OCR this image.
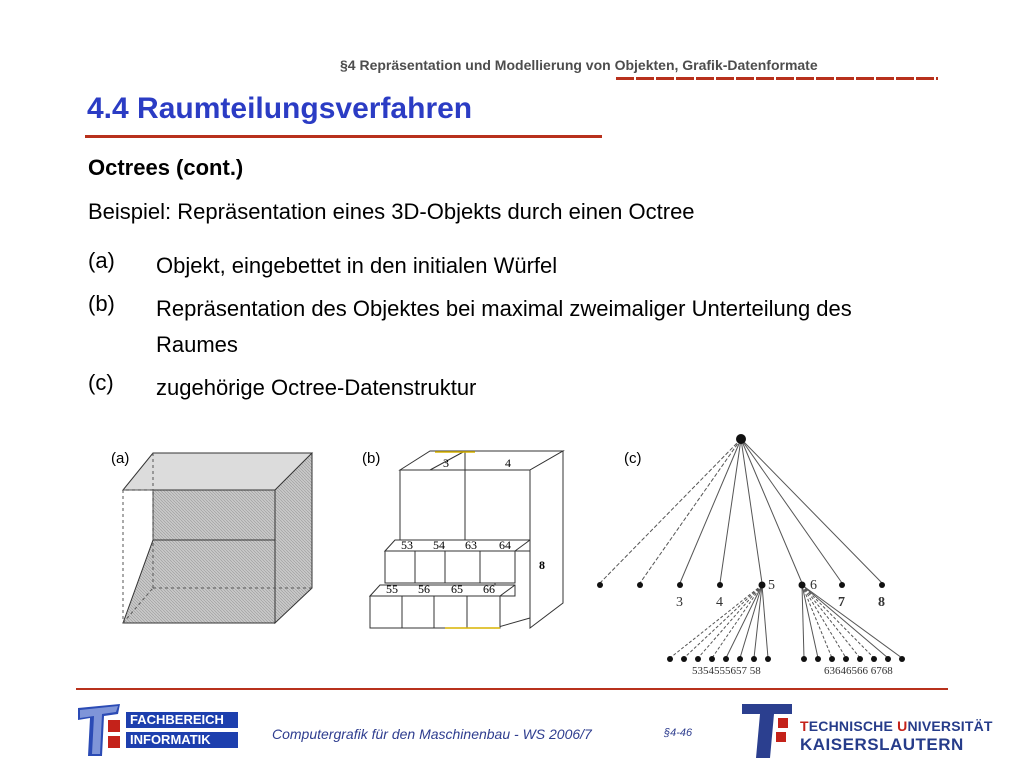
§4 Repräsentation und Modellierung von Objekten, Grafik-Datenformate
4.4 Raumteilungsverfahren
Octrees (cont.)
Beispiel: Repräsentation eines 3D-Objekts durch einen Octree
(a)	Objekt, eingebettet in den initialen Würfel
(b)	Repräsentation des Objektes bei maximal zweimaliger Unterteilung des Raumes
(c)	zugehörige Octree-Datenstruktur
(a)	(b)	(c)
3	4
53 54 63 64
55 56 65 66
8
3 4
5	6
7 8
5354555657 58	63646566 6768
FACHBEREICH
INFORMATIK	Computergrafik für den Maschinenbau - WS 2006/7	§4-46	TECHNISCHE UNIVERSITÄT
KAISERSLAUTERN
